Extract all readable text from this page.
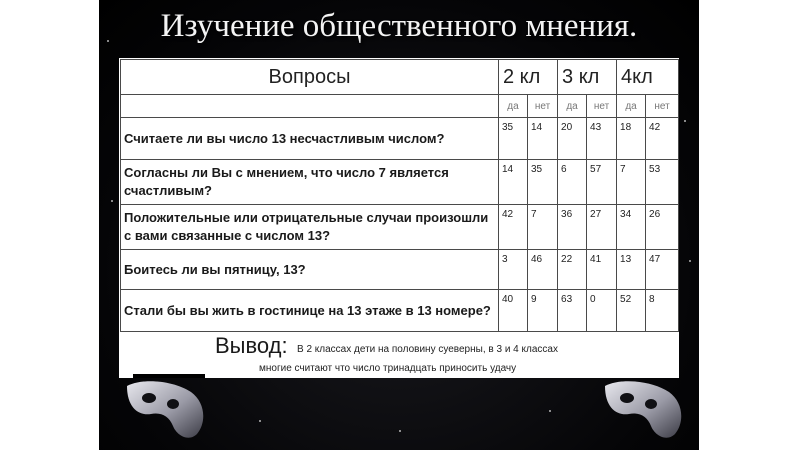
Изучение общественного мнения.
Вопросы	2 кл		3 кл		4кл	
	да	нет	да	нет	да	нет
Считаете ли вы число 13 несчастливым числом?	35	14	20	43	18	42
Согласны ли Вы с мнением, что число 7 является счастливым?	14	35	6	57	7	53
Положительные или отрицательные случаи произошли с вами связанные с числом 13?	42	7	36	27	34	26
Боитесь ли вы пятницу, 13?	3	46	22	41	13	47
Стали бы вы жить в гостинице на 13 этаже в 13 номере?	40	9	63	0	52	8
Вывод: В 2 классах дети на половину суеверны, в 3 и 4 классах
многие считают что число тринадцать приносить удачу
